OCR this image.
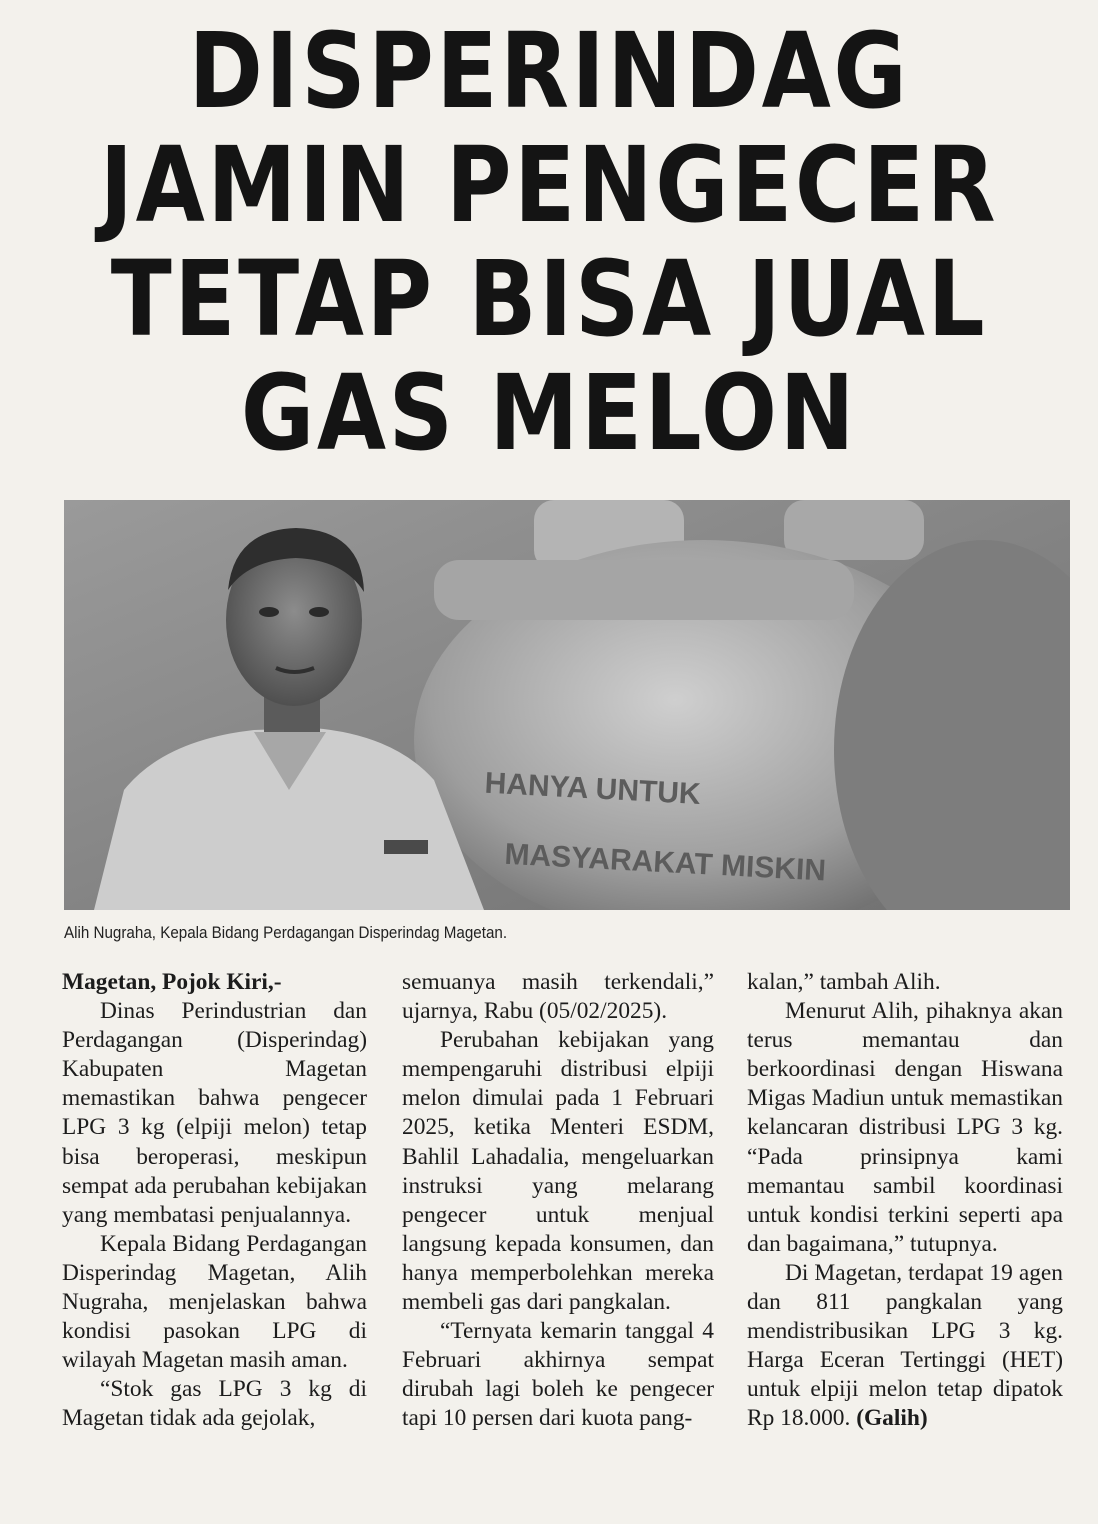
DISPERINDAG
JAMIN PENGECER
TETAP BISA JUAL
GAS MELON
HANYA UNTUK
MASYARAKAT MISKIN
Alih Nugraha, Kepala Bidang Perdagangan Disperindag Magetan.

Magetan, Pojok Kiri,-

Dinas Perindustrian dan Perdagangan (Disperindag) Kabupaten Magetan memastikan bahwa pengecer LPG 3 kg (elpiji melon) tetap bisa beroperasi, meskipun sempat ada perubahan kebijakan yang membatasi penjualannya.

Kepala Bidang Perdagangan Disperindag Magetan, Alih Nugraha, menjelaskan bahwa kondisi pasokan LPG di wilayah Magetan masih aman.

“Stok gas LPG 3 kg di Magetan tidak ada gejolak,

semuanya masih terkendali,” ujarnya, Rabu (05/02/2025).

Perubahan kebijakan yang mempengaruhi distribusi elpiji melon dimulai pada 1 Februari 2025, ketika Menteri ESDM, Bahlil Lahadalia, mengeluarkan instruksi yang melarang pengecer untuk menjual langsung kepada konsumen, dan hanya memperbolehkan mereka membeli gas dari pangkalan.

“Ternyata kemarin tanggal 4 Februari akhirnya sempat dirubah lagi boleh ke pengecer tapi 10 persen dari kuota pang-

kalan,” tambah Alih.

Menurut Alih, pihaknya akan terus memantau dan berkoordinasi dengan Hiswana Migas Madiun untuk memastikan kelancaran distribusi LPG 3 kg. “Pada prinsipnya kami memantau sambil koordinasi untuk kondisi terkini seperti apa dan bagaimana,” tutupnya.

Di Magetan, terdapat 19 agen dan 811 pangkalan yang mendistribusikan LPG 3 kg. Harga Eceran Tertinggi (HET) untuk elpiji melon tetap dipatok Rp 18.000. (Galih)
